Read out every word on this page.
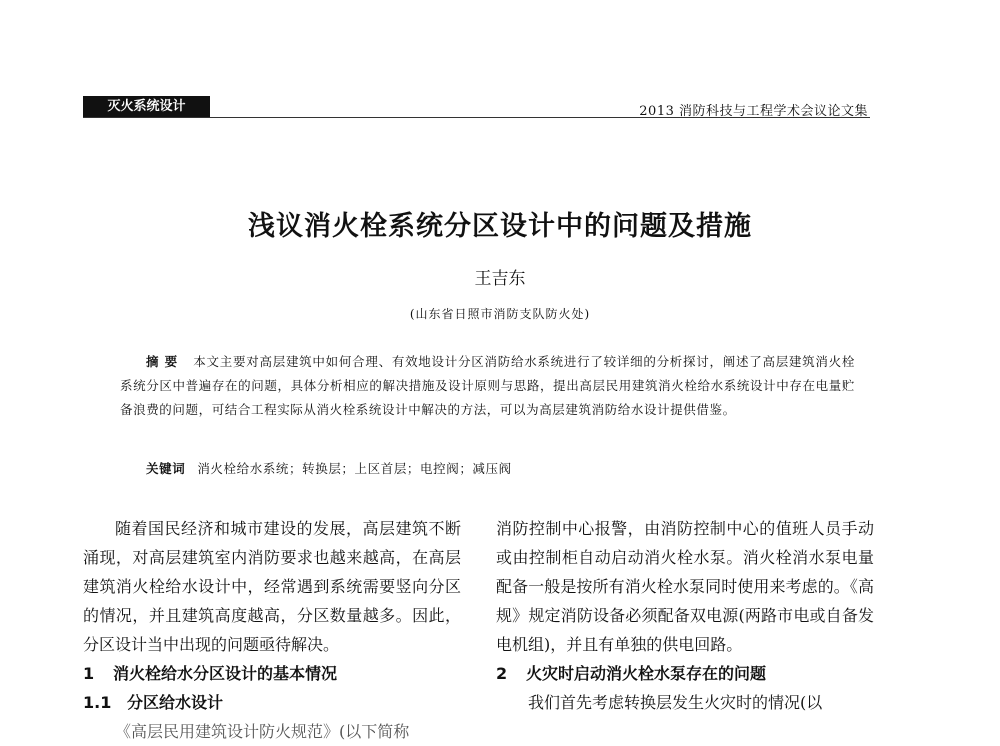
灭火系统设计	2013 消防科技与工程学术会议论文集
浅议消火栓系统分区设计中的问题及措施
王吉东
(山东省日照市消防支队防火处)
摘要 本文主要对高层建筑中如何合理、有效地设计分区消防给水系统进行了较详细的分析探讨，阐述了高层建筑消火栓系统分区中普遍存在的问题，具体分析相应的解决措施及设计原则与思路，提出高层民用建筑消火栓给水系统设计中存在电量贮备浪费的问题，可结合工程实际从消火栓系统设计中解决的方法，可以为高层建筑消防给水设计提供借鉴。
关键词 消火栓给水系统；转换层；上区首层；电控阀；减压阀

随着国民经济和城市建设的发展，高层建筑不断涌现，对高层建筑室内消防要求也越来越高，在高层建筑消火栓给水设计中，经常遇到系统需要竖向分区的情况，并且建筑高度越高，分区数量越多。因此，分区设计当中出现的问题亟待解决。

1 消火栓给水分区设计的基本情况
1.1 分区给水设计

《高层民用建筑设计防火规范》(以下简称

消防控制中心报警，由消防控制中心的值班人员手动或由控制柜自动启动消火栓水泵。消火栓消水泵电量配备一般是按所有消火栓水泵同时使用来考虑的。《高规》规定消防设备必须配备双电源(两路市电或自备发电机组)，并且有单独的供电回路。

2 火灾时启动消火栓水泵存在的问题

我们首先考虑转换层发生火灾时的情况(以
